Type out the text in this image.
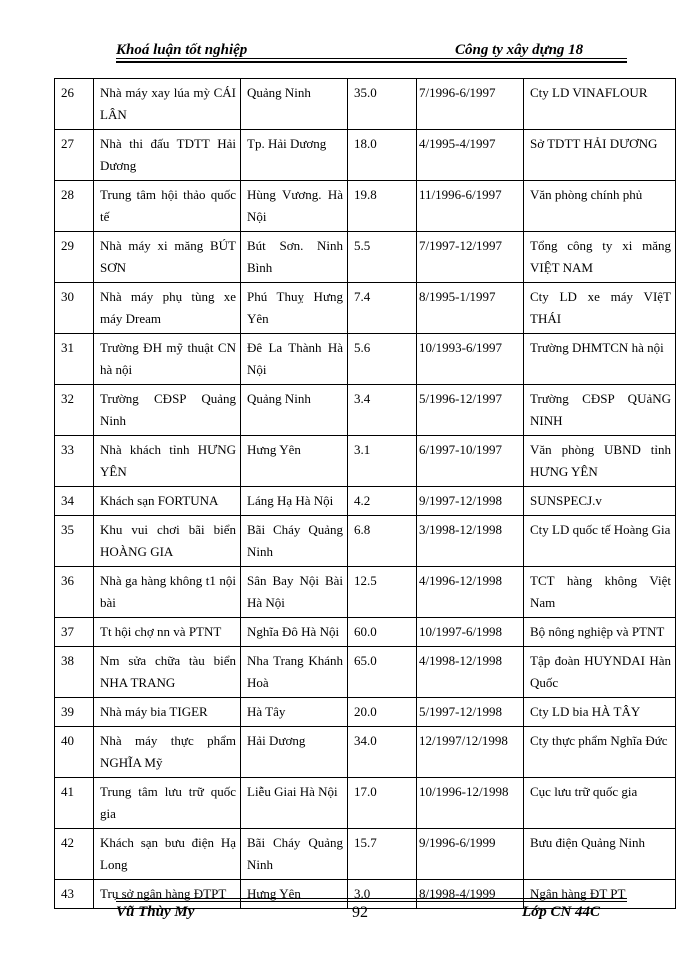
Khoá luận tốt nghiệp	Công ty xây dựng 18
26	Nhà máy xay lúa mỳ CÁI LÂN	Quảng Ninh	35.0	7/1996-6/1997	Cty LD VINAFLOUR
27	Nhà thi đấu TDTT Hải Dương	Tp. Hải Dương	18.0	4/1995-4/1997	Sở TDTT HẢI DƯƠNG
28	Trung tâm hội thảo quốc tế	Hùng Vương. Hà Nội	19.8	11/1996-6/1997	Văn phòng chính phủ
29	Nhà máy xi măng BÚT SƠN	Bút Sơn. Ninh Bình	5.5	7/1997-12/1997	Tổng công ty xi măng VIỆT NAM
30	Nhà máy phụ tùng xe máy Dream	Phú Thuỵ Hưng Yên	7.4	8/1995-1/1997	Cty LD xe máy VIệT THÁI
31	Trường ĐH mỹ thuật CN hà nội	Đê La Thành Hà Nội	5.6	10/1993-6/1997	Trường DHMTCN hà nội
32	Trường CĐSP Quảng Ninh	Quảng Ninh	3.4	5/1996-12/1997	Trường CĐSP QUảNG NINH
33	Nhà khách tỉnh HƯNG YÊN	Hưng Yên	3.1	6/1997-10/1997	Văn phòng UBND tỉnh HƯNG YÊN
34	Khách sạn FORTUNA	Láng Hạ Hà Nội	4.2	9/1997-12/1998	SUNSPECJ.v
35	Khu vui chơi bãi biển HOÀNG GIA	Bãi Cháy Quảng Ninh	6.8	3/1998-12/1998	Cty LD quốc tế Hoàng Gia
36	Nhà ga hàng không t1 nội bài	Sân Bay Nội Bài Hà Nội	12.5	4/1996-12/1998	TCT hàng không Việt Nam
37	Tt hội chợ nn và PTNT	Nghĩa Đô Hà Nội	60.0	10/1997-6/1998	Bộ nông nghiệp và PTNT
38	Nm sửa chữa tàu biển NHA TRANG	Nha Trang Khánh Hoà	65.0	4/1998-12/1998	Tập đoàn HUYNDAI Hàn Quốc
39	Nhà máy bia TIGER	Hà Tây	20.0	5/1997-12/1998	Cty LD bia HÀ TÂY
40	Nhà máy thực phẩm NGHĨA Mỹ	Hải Dương	34.0	12/1997/12/1998	Cty thực phẩm Nghĩa Đức
41	Trung tâm lưu trữ quốc gia	Liễu Giai Hà Nội	17.0	10/1996-12/1998	Cục lưu trữ quốc gia
42	Khách sạn bưu điện Hạ Long	Bãi Cháy Quảng Ninh	15.7	9/1996-6/1999	Bưu điện Quảng Ninh
43	Trụ sở ngân hàng ĐTPT	Hưng Yên	3.0	8/1998-4/1999	Ngân hàng ĐT PT
Vũ Thùy My	92	Lớp CN 44C
